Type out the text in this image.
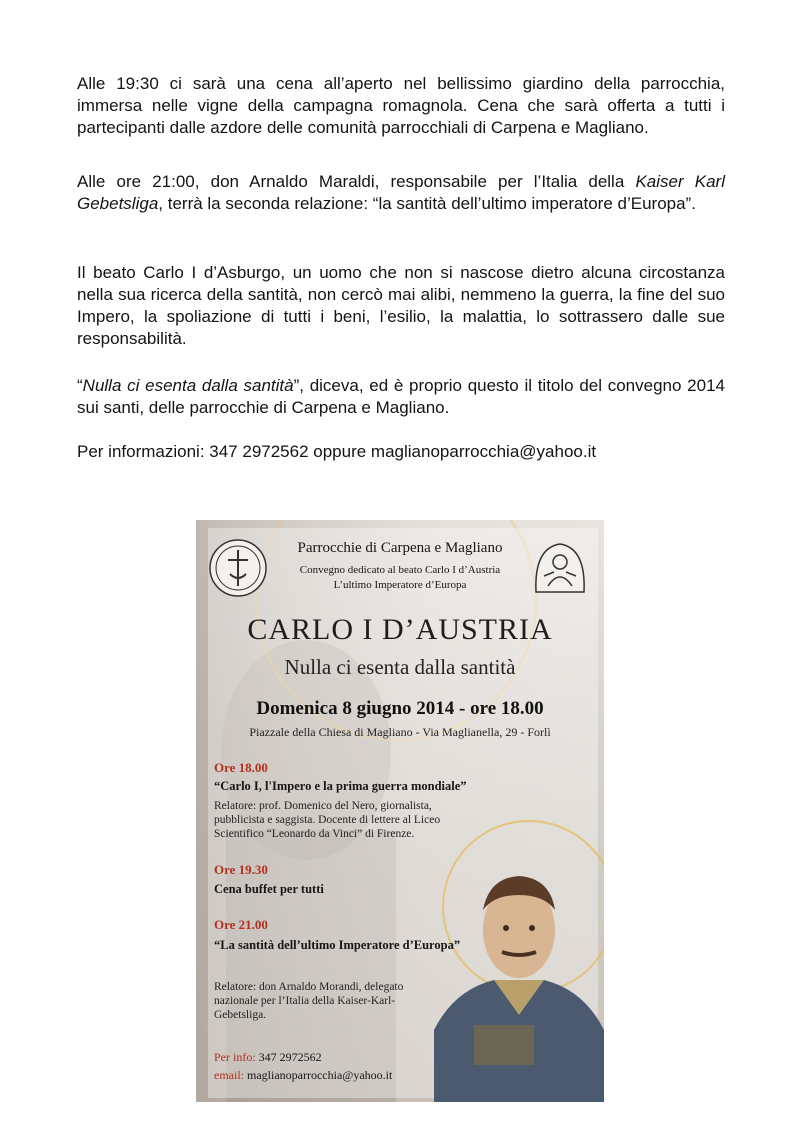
Alle 19:30 ci sarà una cena all’aperto nel bellissimo giardino della parrocchia, immersa nelle vigne della campagna romagnola. Cena che sarà offerta a tutti i partecipanti dalle azdore delle comunità parrocchiali di Carpena e Magliano.

Alle ore 21:00, don Arnaldo Maraldi, responsabile per l’Italia della Kaiser Karl Gebetsliga, terrà la seconda relazione: “la santità dell’ultimo imperatore d’Europa”.

Il beato Carlo I d’Asburgo, un uomo che non si nascose dietro alcuna circostanza nella sua ricerca della santità, non cercò mai alibi, nemmeno la guerra, la fine del suo Impero, la spoliazione di tutti i beni, l’esilio, la malattia, lo sottrassero dalle sue responsabilità.

“Nulla ci esenta dalla santità”, diceva, ed è proprio questo il titolo del convegno 2014 sui santi, delle parrocchie di Carpena e Magliano.

Per informazioni: 347 2972562 oppure maglianoparrocchia@yahoo.it

Parrocchie di Carpena e Magliano
Convegno dedicato al beato Carlo I d’Austria
L’ultimo Imperatore d’Europa
CARLO I D’AUSTRIA
Nulla ci esenta dalla santità
Domenica 8 giugno 2014 - ore 18.00
Piazzale della Chiesa di Magliano - Via Maglianella, 29 - Forlì
Ore 18.00
“Carlo I, l'Impero e la prima guerra mondiale”
Relatore: prof. Domenico del Nero, giornalista, pubblicista e saggista. Docente di lettere al Liceo Scientifico “Leonardo da Vinci” di Firenze.
Ore 19.30
Cena buffet per tutti
Ore 21.00
“La santità dell’ultimo Imperatore d’Europa”
Relatore: don Arnaldo Morandi, delegato nazionale per l’Italia della Kaiser-Karl-Gebetsliga.
Per info: 347 2972562
email: maglianoparrocchia@yahoo.it
